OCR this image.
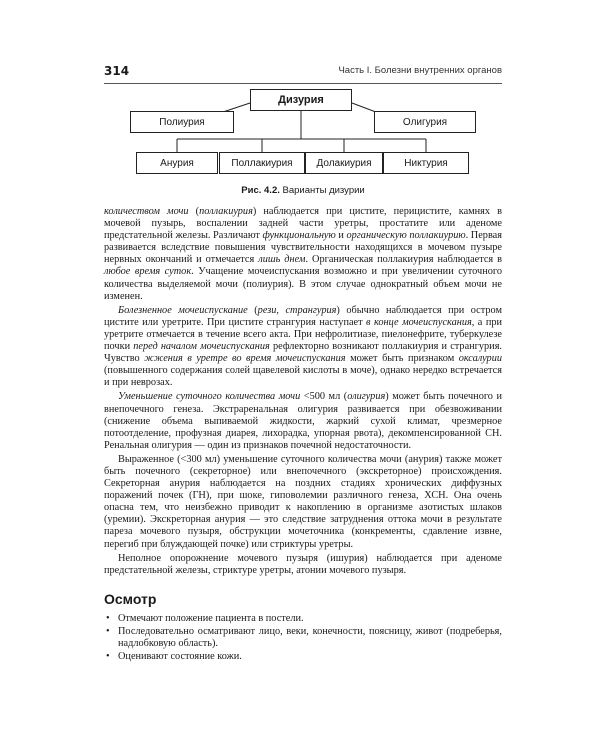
314	Часть I. Болезни внутренних органов
Дизурия
Полиурия	Олигурия
Анурия	Поллакиурия	Долакиурия	Никтурия
Рис. 4.2. Варианты дизурии

количеством мочи (поллакиурия) наблюдается при цистите, перицистите, камнях в мочевой пузырь, воспалении задней части уретры, простатите или аденоме предстательной железы. Различают функциональную и органическую поллакиурию. Первая развивается вследствие повышения чувствительности находящихся в мочевом пузыре нервных окончаний и отмечается лишь днем. Органическая поллакиурия наблюдается в любое время суток. Учащение мочеиспускания возможно и при увеличении суточного количества выделяемой мочи (полиурия). В этом случае однократный объем мочи не изменен.

Болезненное мочеиспускание (рези, странгурия) обычно наблюдается при остром цистите или уретрите. При цистите странгурия наступает в конце мочеиспускания, а при уретрите отмечается в течение всего акта. При нефролитиазе, пиелонефрите, туберкулезе почки перед началом мочеиспускания рефлекторно возникают поллакиурия и странгурия. Чувство жжения в уретре во время мочеиспускания может быть признаком оксалурии (повышенного содержания солей щавелевой кислоты в моче), однако нередко встречается и при неврозах.

Уменьшение суточного количества мочи <500 мл (олигурия) может быть почечного и внепочечного генеза. Экстраренальная олигурия развивается при обезвоживании (снижение объема выпиваемой жидкости, жаркий сухой климат, чрезмерное потоотделение, профузная диарея, лихорадка, упорная рвота), декомпенсированной СН. Ренальная олигурия — один из признаков почечной недостаточности.

Выраженное (<300 мл) уменьшение суточного количества мочи (анурия) также может быть почечного (секреторное) или внепочечного (экскреторное) происхождения. Секреторная анурия наблюдается на поздних стадиях хронических диффузных поражений почек (ГН), при шоке, гиповолемии различного генеза, ХСН. Она очень опасна тем, что неизбежно приводит к накоплению в организме азотистых шлаков (уремии). Экскреторная анурия — это следствие затруднения оттока мочи в результате пареза мочевого пузыря, обструкции мочеточника (конкременты, сдавление извне, перегиб при блуждающей почке) или стриктуры уретры.

Неполное опорожнение мочевого пузыря (ишурия) наблюдается при аденоме предстательной железы, стриктуре уретры, атонии мочевого пузыря.

Осмотр
• Отмечают положение пациента в постели.
• Последовательно осматривают лицо, веки, конечности, поясницу, живот (подреберья, надлобковую область).
• Оценивают состояние кожи.
